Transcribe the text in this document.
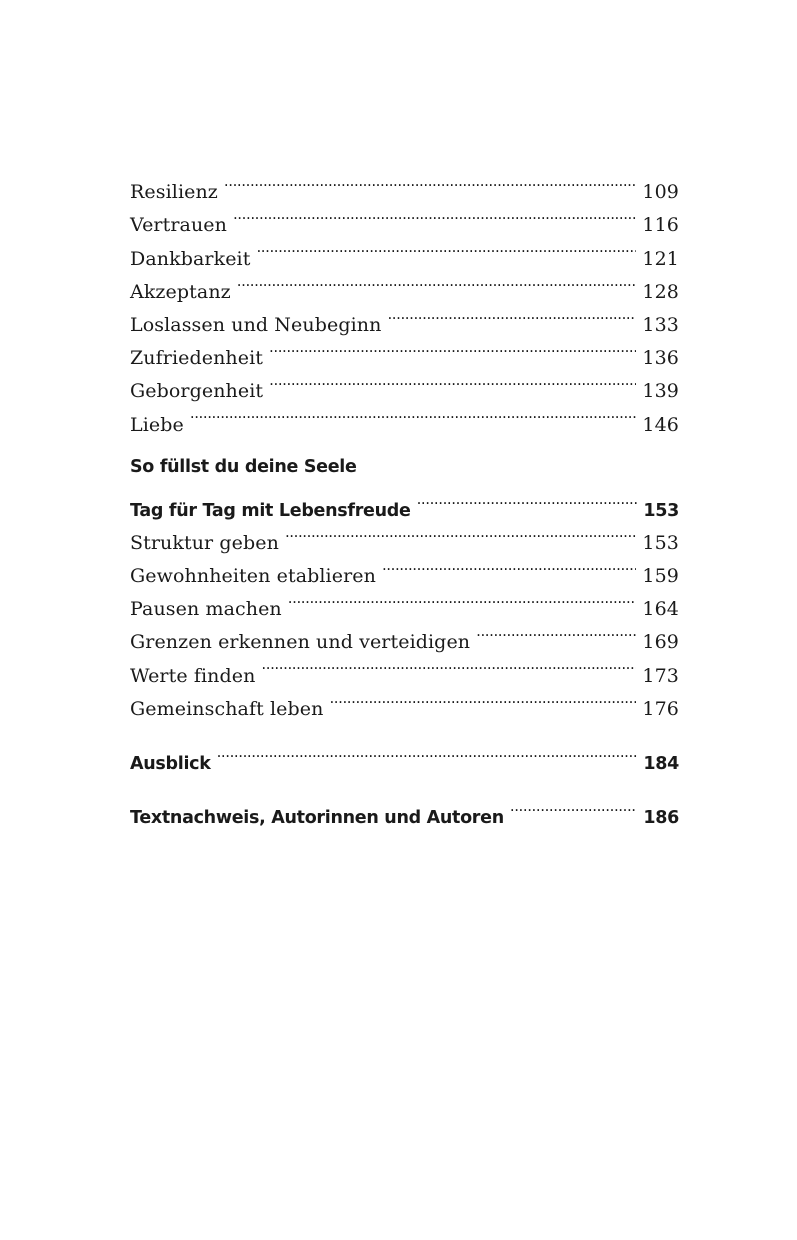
Resilienz . . .	109
Vertrauen . . .	116
Dankbarkeit . . .	121
Akzeptanz . . .	128
Loslassen und Neubeginn . . .	133
Zufriedenheit . . .	136
Geborgenheit . . .	139
Liebe . . .	146
So füllst du deine Seele
Tag für Tag mit Lebensfreude . . .	153
Struktur geben . . .	153
Gewohnheiten etablieren . . .	159
Pausen machen . . .	164
Grenzen erkennen und verteidigen . . .	169
Werte finden . . .	173
Gemeinschaft leben . . .	176
Ausblick . . .	184
Textnachweis, Autorinnen und Autoren . . .	186
